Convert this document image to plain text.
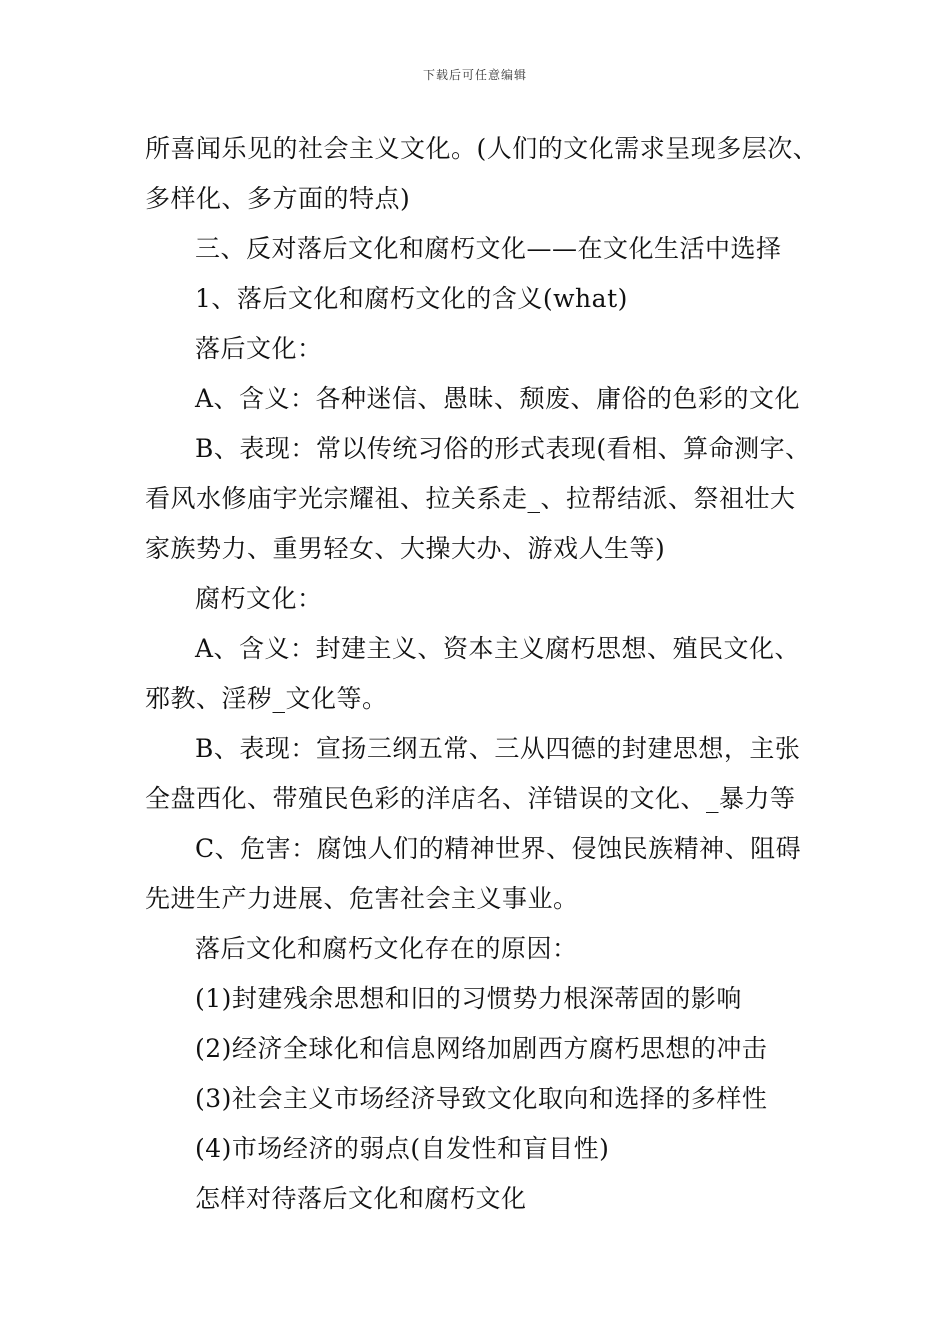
下载后可任意编辑
所喜闻乐见的社会主义文化。(人们的文化需求呈现多层次、
多样化、多方面的特点)
三、反对落后文化和腐朽文化——在文化生活中选择
1、落后文化和腐朽文化的含义(what)
落后文化：
A、含义：各种迷信、愚昧、颓废、庸俗的色彩的文化
B、表现：常以传统习俗的形式表现(看相、算命测字、
看风水修庙宇光宗耀祖、拉关系走_、拉帮结派、祭祖壮大
家族势力、重男轻女、大操大办、游戏人生等)
腐朽文化：
A、含义：封建主义、资本主义腐朽思想、殖民文化、
邪教、淫秽_文化等。
B、表现：宣扬三纲五常、三从四德的封建思想，主张
全盘西化、带殖民色彩的洋店名、洋错误的文化、_暴力等
C、危害：腐蚀人们的精神世界、侵蚀民族精神、阻碍
先进生产力进展、危害社会主义事业。
落后文化和腐朽文化存在的原因：
(1)封建残余思想和旧的习惯势力根深蒂固的影响
(2)经济全球化和信息网络加剧西方腐朽思想的冲击
(3)社会主义市场经济导致文化取向和选择的多样性
(4)市场经济的弱点(自发性和盲目性)
怎样对待落后文化和腐朽文化
